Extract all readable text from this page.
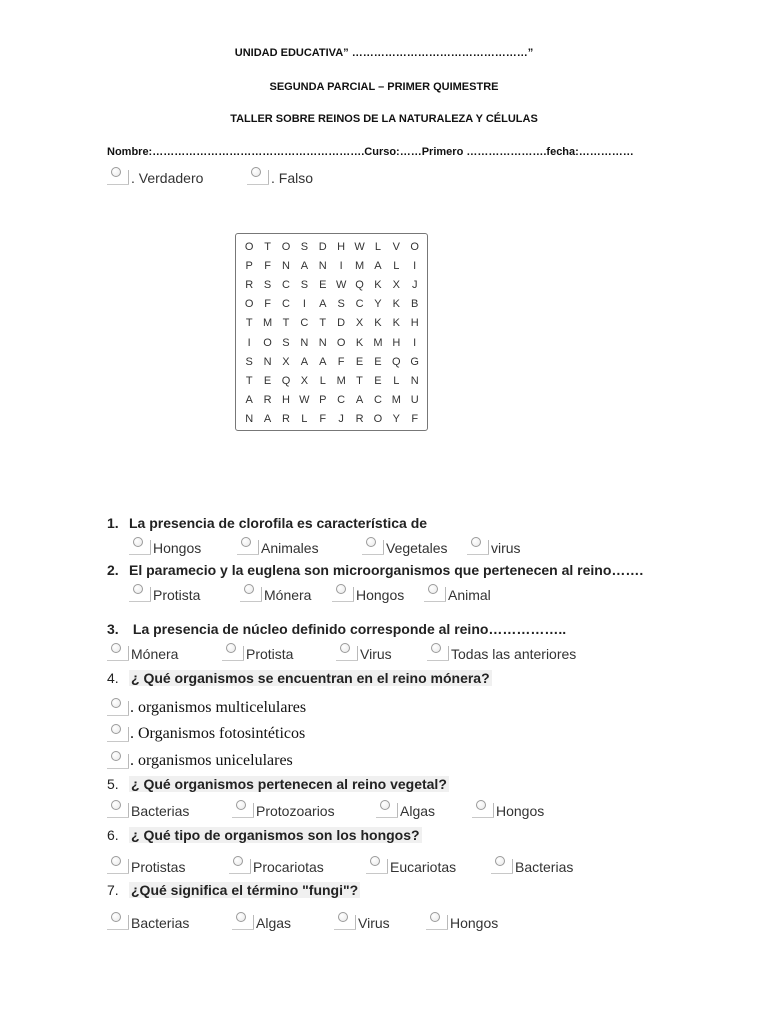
UNIDAD EDUCATIVA” …………………………………………”
SEGUNDA PARCIAL – PRIMER QUIMESTRE
TALLER SOBRE REINOS DE LA NATURALEZA Y CÉLULAS
Nombre:………………………………………………….Curso:……Primero ………………….fecha:……………
. Verdadero	. Falso
O	T	O	S	D	H	W	L	V	O
P	F	N	A	N	I	M	A	L	I
R	S	C	S	E	W	Q	K	X	J
O	F	C	I	A	S	C	Y	K	B
T	M	T	C	T	D	X	K	K	H
I	O	S	N	N	O	K	M	H	I
S	N	X	A	A	F	E	E	Q	G
T	E	Q	X	L	M	T	E	L	N
A	R	H	W	P	C	A	C	M	U
N	A	R	L	F	J	R	O	Y	F
1. La presencia de clorofila es característica de
Hongos	Animales	Vegetales	virus
2. El paramecio y la euglena son microorganismos que pertenecen al reino…….
Protista	Mónera	Hongos	Animal
3. La presencia de núcleo definido corresponde al reino……………..
Mónera	Protista	Virus	Todas las anteriores
4. ¿ Qué organismos se encuentran en el reino mónera?
. organismos multicelulares
. Organismos fotosintéticos
. organismos unicelulares
5. ¿ Qué organismos pertenecen al reino vegetal?
Bacterias	Protozoarios	Algas	Hongos
6. ¿ Qué tipo de organismos son los hongos?
Protistas	Procariotas	Eucariotas	Bacterias
7. ¿Qué significa el término "fungi"?
Bacterias	Algas	Virus	Hongos
